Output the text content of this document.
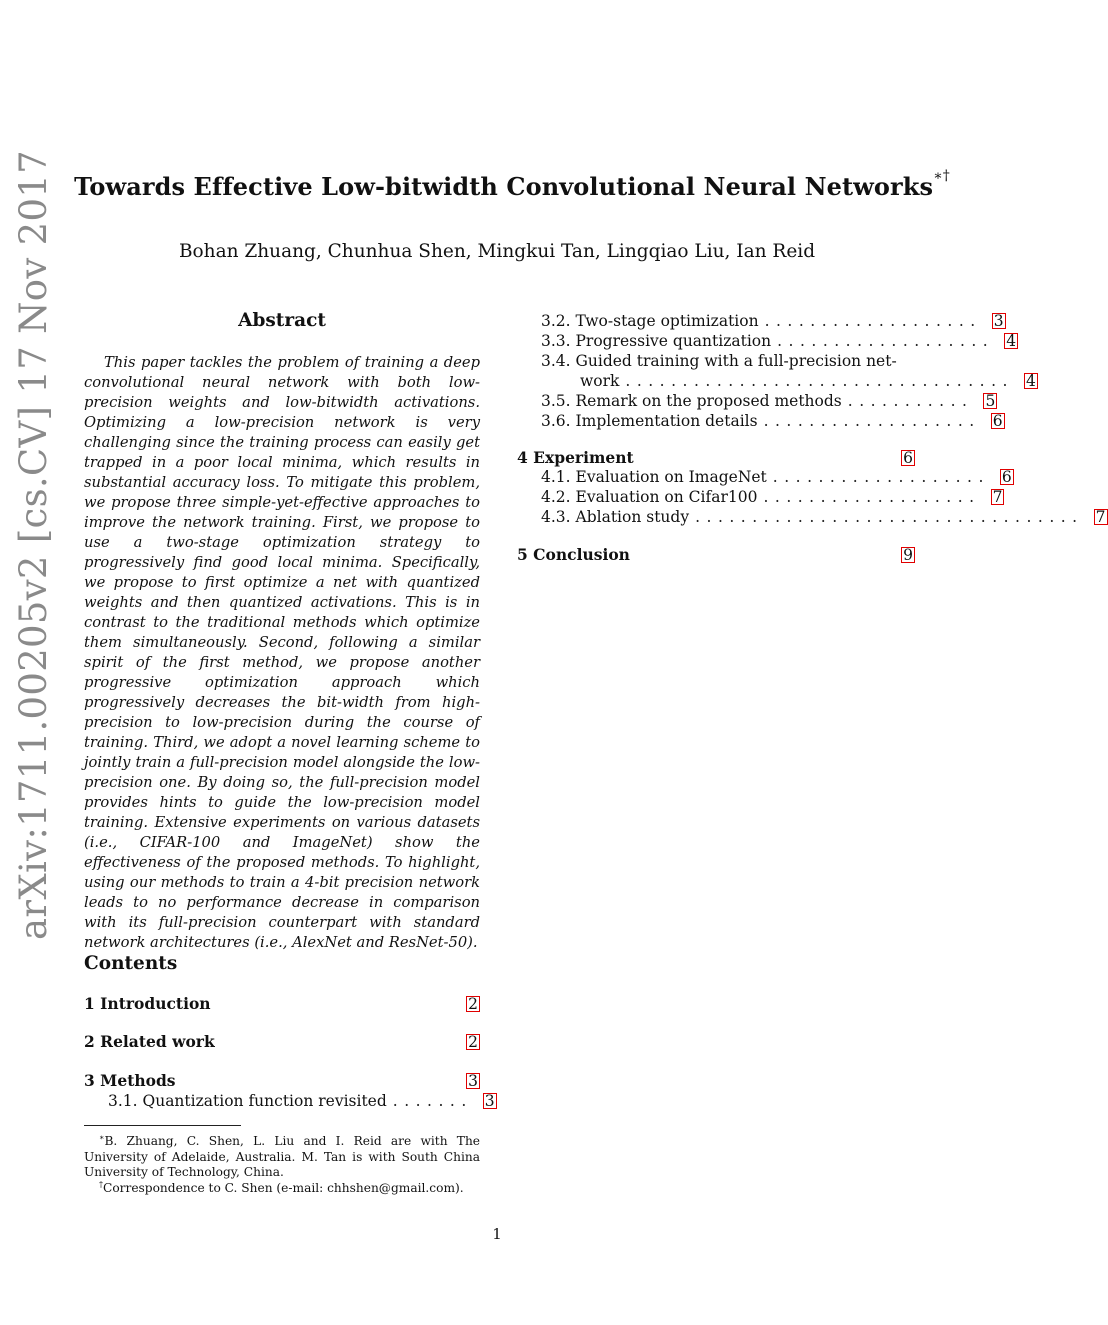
Towards Effective Low-bitwidth Convolutional Neural Networks∗†
Bohan Zhuang, Chunhua Shen, Mingkui Tan, Lingqiao Liu, Ian Reid
arXiv:1711.00205v2 [cs.CV] 17 Nov 2017	Abstract
This paper tackles the problem of training a deep convolutional neural network with both low-precision weights and low-bitwidth activations. Optimizing a low-precision network is very challenging since the training process can easily get trapped in a poor local minima, which results in substantial accuracy loss. To mitigate this problem, we propose three simple-yet-effective approaches to improve the network training. First, we propose to use a two-stage optimization strategy to progressively find good local minima. Specifically, we propose to first optimize a net with quantized weights and then quantized activations. This is in contrast to the traditional methods which optimize them simultaneously. Second, following a similar spirit of the first method, we propose another progressive optimization approach which progressively decreases the bit-width from high-precision to low-precision during the course of training. Third, we adopt a novel learning scheme to jointly train a full-precision model alongside the low-precision one. By doing so, the full-precision model provides hints to guide the low-precision model training. Extensive experiments on various datasets (i.e., CIFAR-100 and ImageNet) show the effectiveness of the proposed methods. To highlight, using our methods to train a 4-bit precision network leads to no performance decrease in comparison with its full-precision counterpart with standard network architectures (i.e., AlexNet and ResNet-50).
Contents
1 Introduction	2
2 Related work	2
3 Methods	3
3.1. Quantization function revisited ....... 3
3.2. Two-stage optimization ................... 3
3.3. Progressive quantization ................... 4
3.4. Guided training with a full-precision net-
work .................................. 4
3.5. Remark on the proposed methods ........... 5
3.6. Implementation details ................... 6
4 Experiment	6
4.1. Evaluation on ImageNet ................... 6
4.2. Evaluation on Cifar100 ................... 7
4.3. Ablation study .................................. 7
5 Conclusion	9
∗B. Zhuang, C. Shen, L. Liu and I. Reid are with The University of Adelaide, Australia. M. Tan is with South China University of Technology, China.
†Correspondence to C. Shen (e-mail: chhshen@gmail.com).
1
